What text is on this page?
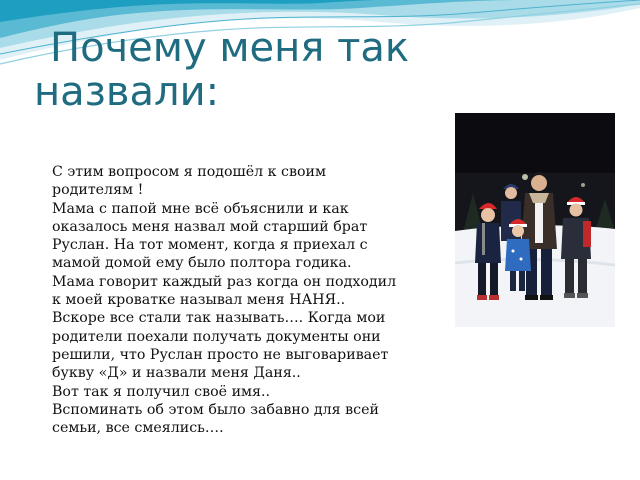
Почему меня так
назвали:

С этим вопросом я подошёл к своим

родителям !

Мама с папой мне всё объяснили и как

оказалось меня назвал мой старший брат

Руслан. На тот момент, когда я приехал с

мамой домой ему было полтора годика.

Мама говорит каждый раз когда он подходил

к моей кроватке называл меня НАНЯ..

Вскоре все стали так называть…. Когда мои

родители поехали получать документы они

решили, что Руслан просто не выговаривает

букву «Д» и назвали меня Даня..

Вот так я получил своё имя..

Вспоминать об этом было забавно для всей

семьи, все смеялись….
